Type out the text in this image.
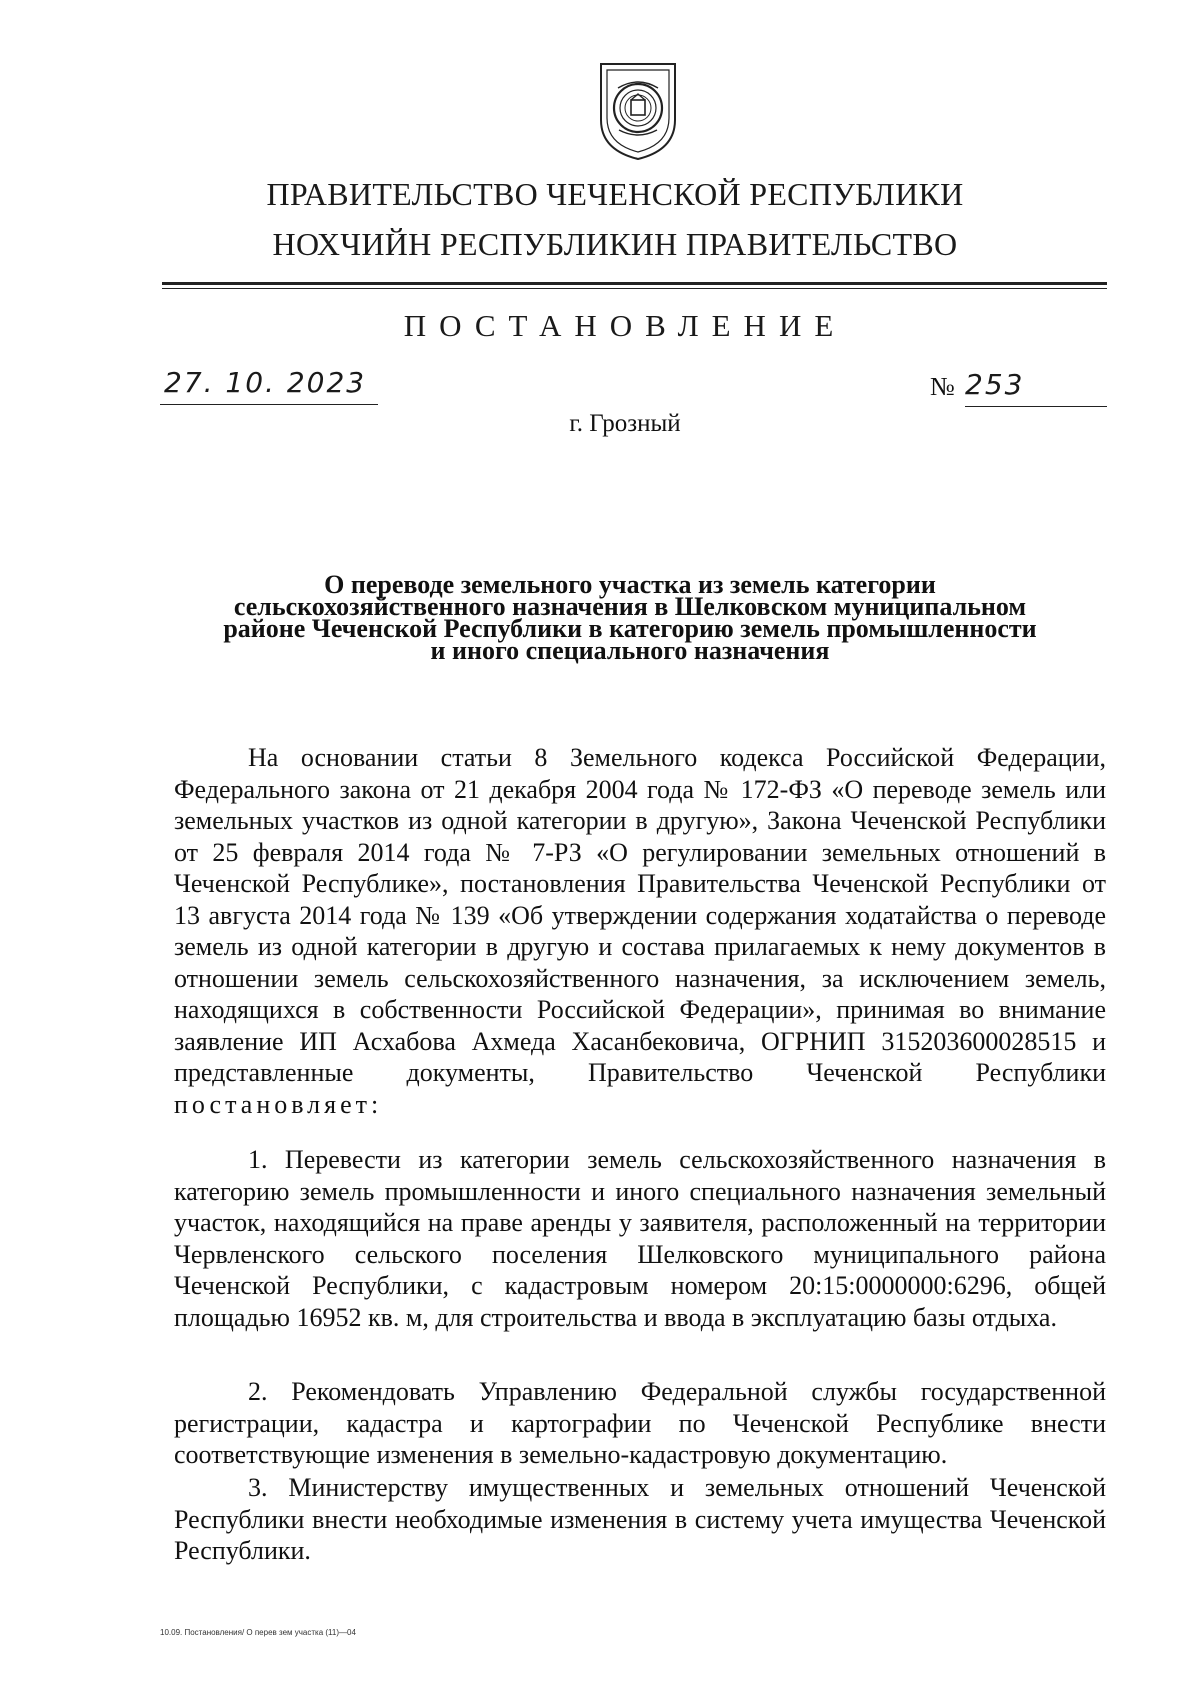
ПРАВИТЕЛЬСТВО ЧЕЧЕНСКОЙ РЕСПУБЛИКИ
НОХЧИЙН РЕСПУБЛИКИН ПРАВИТЕЛЬСТВО
ПОСТАНОВЛЕНИЕ
27. 10. 2023	№ 253
г. Грозный
О переводе земельного участка из земель категории
сельскохозяйственного назначения в Шелковском муниципальном
районе Чеченской Республики в категорию земель промышленности
и иного специального назначения

На основании статьи 8 Земельного кодекса Российской Федерации, Федерального закона от 21 декабря 2004 года № 172-ФЗ «О переводе земель или земельных участков из одной категории в другую», Закона Чеченской Республики от 25 февраля 2014 года № 7-РЗ «О регулировании земельных отношений в Чеченской Республике», постановления Правительства Чеченской Республики от 13 августа 2014 года № 139 «Об утверждении содержания ходатайства о переводе земель из одной категории в другую и состава прилагаемых к нему документов в отношении земель сельскохозяйственного назначения, за исключением земель, находящихся в собственности Российской Федерации», принимая во внимание заявление ИП Асхабова Ахмеда Хасанбековича, ОГРНИП 315203600028515 и представленные документы, Правительство Чеченской Республики постановляет:

1. Перевести из категории земель сельскохозяйственного назначения в категорию земель промышленности и иного специального назначения земельный участок, находящийся на праве аренды у заявителя, расположенный на территории Червленского сельского поселения Шелковского муниципального района Чеченской Республики, с кадастровым номером 20:15:0000000:6296, общей площадью 16952 кв. м, для строительства и ввода в эксплуатацию базы отдыха.

2. Рекомендовать Управлению Федеральной службы государственной регистрации, кадастра и картографии по Чеченской Республике внести соответствующие изменения в земельно-кадастровую документацию.

3. Министерству имущественных и земельных отношений Чеченской Республики внести необходимые изменения в систему учета имущества Чеченской Республики.

10.09. Постановления/ О перев зем участка (11)—04
